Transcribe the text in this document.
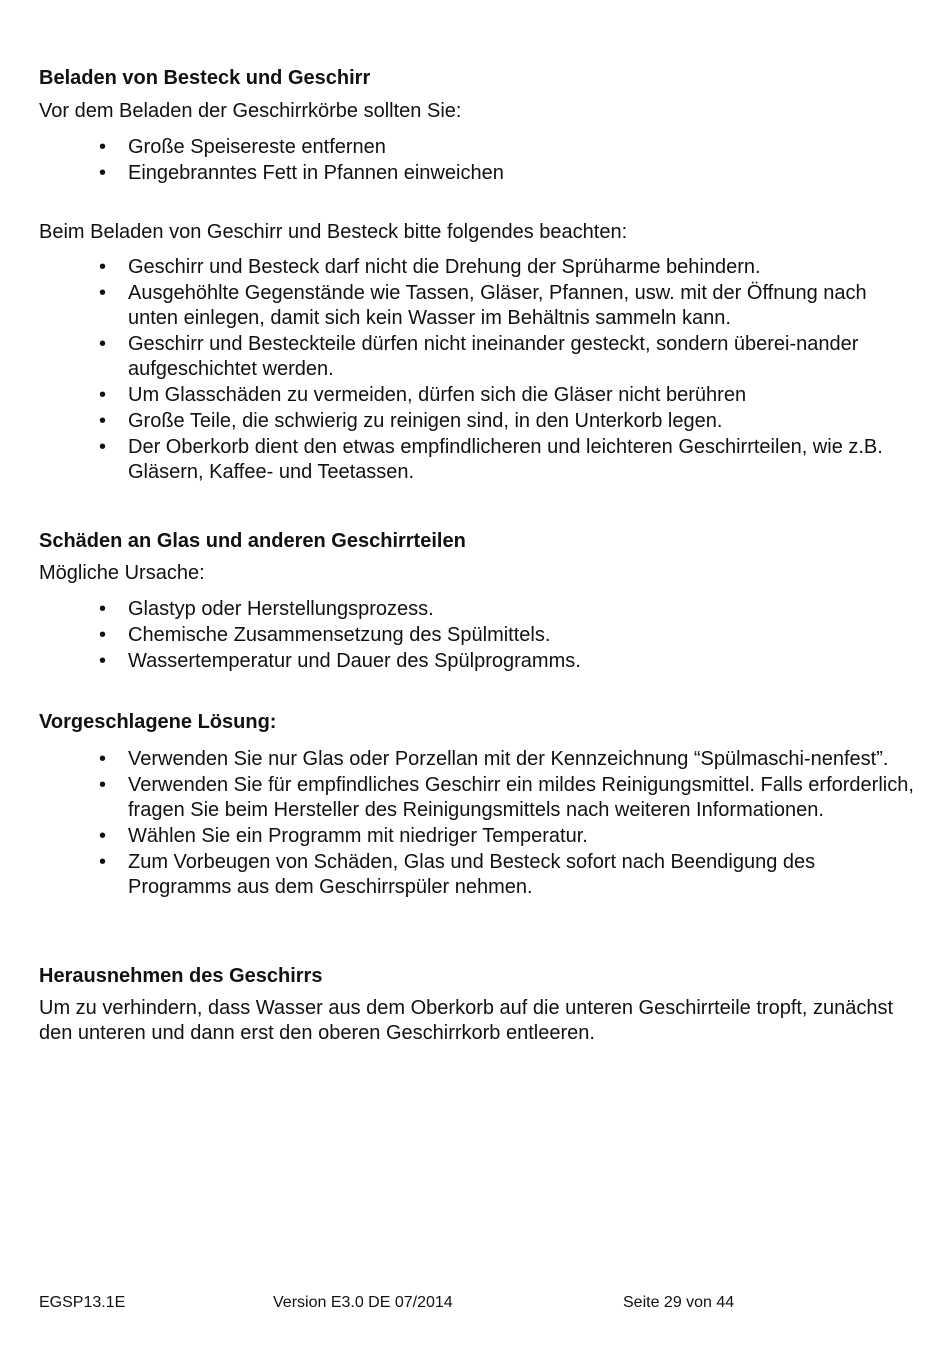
Beladen von Besteck und Geschirr

Vor dem Beladen der Geschirrkörbe sollten Sie:

• Große Speisereste entfernen
• Eingebranntes Fett in Pfannen einweichen

Beim Beladen von Geschirr und Besteck bitte folgendes beachten:

• Geschirr und Besteck darf nicht die Drehung der Sprüharme behindern.
• Ausgehöhlte Gegenstände wie Tassen, Gläser, Pfannen, usw. mit der Öffnung nach unten einlegen, damit sich kein Wasser im Behältnis sammeln kann.
• Geschirr und Besteckteile dürfen nicht ineinander gesteckt, sondern überei-nander aufgeschichtet werden.
• Um Glasschäden zu vermeiden, dürfen sich die Gläser nicht berühren
• Große Teile, die schwierig zu reinigen sind, in den Unterkorb legen.
• Der Oberkorb dient den etwas empfindlicheren und leichteren Geschirrteilen, wie z.B. Gläsern, Kaffee- und Teetassen.
Schäden an Glas und anderen Geschirrteilen

Mögliche Ursache:

• Glastyp oder Herstellungsprozess.
• Chemische Zusammensetzung des Spülmittels.
• Wassertemperatur und Dauer des Spülprogramms.
Vorgeschlagene Lösung:
• Verwenden Sie nur Glas oder Porzellan mit der Kennzeichnung “Spülmaschi-nenfest”.
• Verwenden Sie für empfindliches Geschirr ein mildes Reinigungsmittel. Falls erforderlich, fragen Sie beim Hersteller des Reinigungsmittels nach weiteren Informationen.
• Wählen Sie ein Programm mit niedriger Temperatur.
• Zum Vorbeugen von Schäden, Glas und Besteck sofort nach Beendigung des Programms aus dem Geschirrspüler nehmen.
Herausnehmen des Geschirrs

Um zu verhindern, dass Wasser aus dem Oberkorb auf die unteren Geschirrteile tropft, zunächst den unteren und dann erst den oberen Geschirrkorb entleeren.

EGSP13.1E	Version E3.0 DE 07/2014	Seite 29 von 44
